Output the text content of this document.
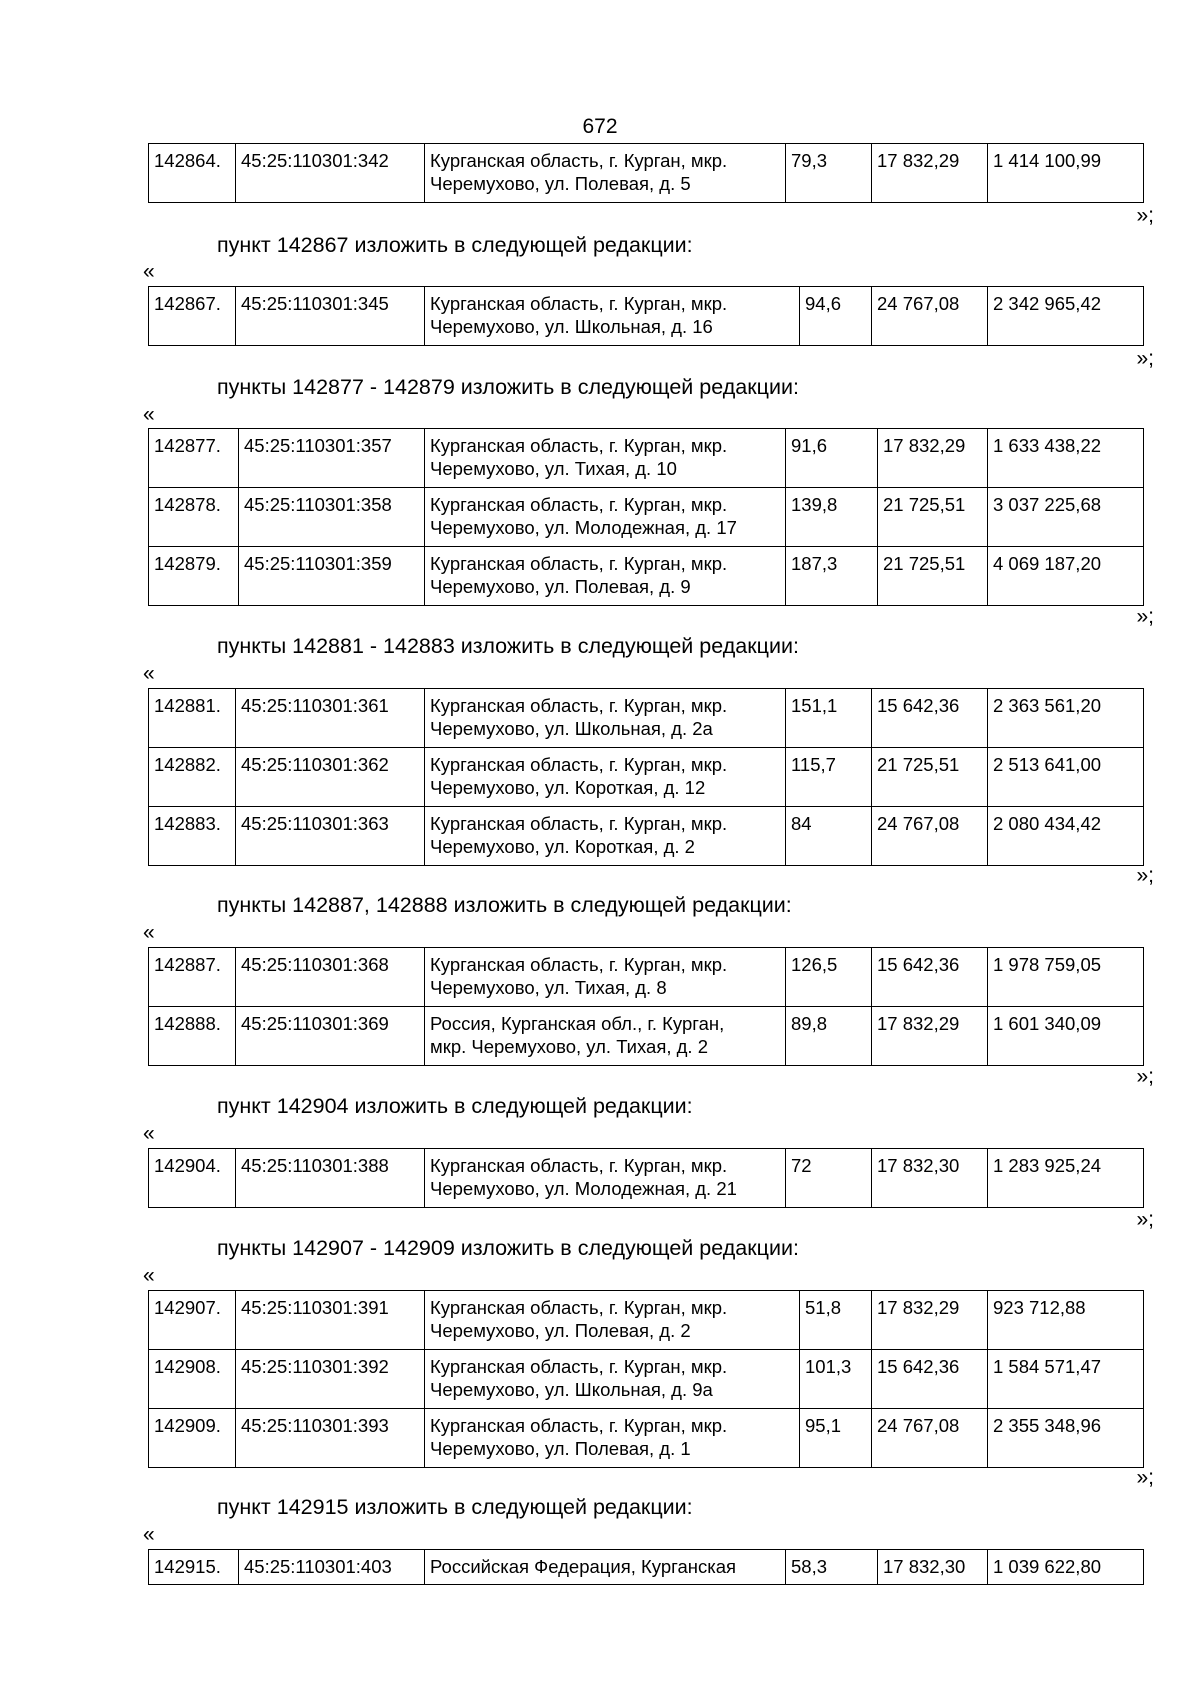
672
142864.	45:25:110301:342	Курганская область, г. Курган, мкр.
Черемухово, ул. Полевая, д. 5
	79,3	17 832,29	1 414 100,99
»;
пункт 142867 изложить в следующей редакции:
«
142867.	45:25:110301:345	Курганская область, г. Курган, мкр.
Черемухово, ул. Школьная, д. 16
	94,6	24 767,08	2 342 965,42
»;
пункты 142877 - 142879 изложить в следующей редакции:
«
142877.	45:25:110301:357	Курганская область, г. Курган, мкр.
Черемухово, ул. Тихая, д. 10	91,6	17 832,29	1 633 438,22
142878.	45:25:110301:358	Курганская область, г. Курган, мкр.
Черемухово, ул. Молодежная, д. 17	139,8	21 725,51	3 037 225,68
142879.	45:25:110301:359	Курганская область, г. Курган, мкр.
Черемухово, ул. Полевая, д. 9	187,3	21 725,51	4 069 187,20
»;
пункты 142881 - 142883 изложить в следующей редакции:
«
142881.	45:25:110301:361	Курганская область, г. Курган, мкр.
Черемухово, ул. Школьная, д. 2а	151,1	15 642,36	2 363 561,20
142882.	45:25:110301:362	Курганская область, г. Курган, мкр.
Черемухово, ул. Короткая, д. 12	115,7	21 725,51	2 513 641,00
142883.	45:25:110301:363	Курганская область, г. Курган, мкр.
Черемухово, ул. Короткая, д. 2	84	24 767,08	2 080 434,42
»;
пункты 142887, 142888 изложить в следующей редакции:
«
142887.	45:25:110301:368	Курганская область, г. Курган, мкр.
Черемухово, ул. Тихая, д. 8	126,5	15 642,36	1 978 759,05
142888.	45:25:110301:369	Россия, Курганская обл., г. Курган,
мкр. Черемухово, ул. Тихая, д. 2	89,8	17 832,29	1 601 340,09
»;
пункт 142904 изложить в следующей редакции:
«
142904.	45:25:110301:388	Курганская область, г. Курган, мкр.
Черемухово, ул. Молодежная, д. 21
	72	17 832,30	1 283 925,24
»;
пункты 142907 - 142909 изложить в следующей редакции:
«
142907.	45:25:110301:391	Курганская область, г. Курган, мкр.
Черемухово, ул. Полевая, д. 2	51,8	17 832,29	923 712,88
142908.	45:25:110301:392	Курганская область, г. Курган, мкр.
Черемухово, ул. Школьная, д. 9а	101,3	15 642,36	1 584 571,47
142909.	45:25:110301:393	Курганская область, г. Курган, мкр.
Черемухово, ул. Полевая, д. 1	95,1	24 767,08	2 355 348,96
»;
пункт 142915 изложить в следующей редакции:
«
142915.	45:25:110301:403	Российская Федерация, Курганская	58,3	17 832,30	1 039 622,80
